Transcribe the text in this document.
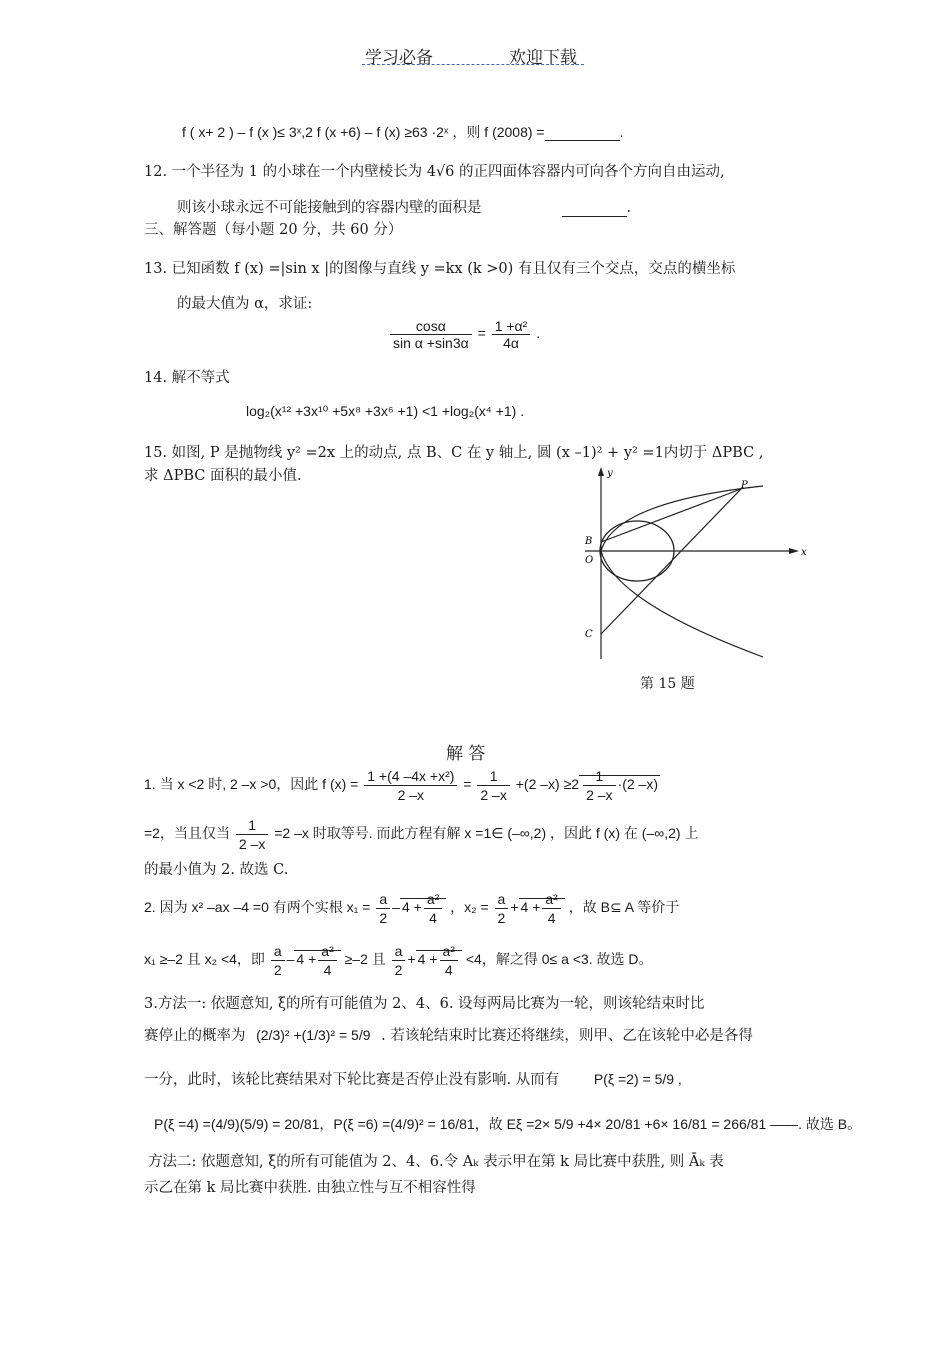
学习必备	欢迎下载
f ( x+ 2 ) – f (x )≤ 3ˣ,2 f (x +6) – f (x) ≥63 ·2ˣ ，则 f (2008) =	.
12. 一个半径为 1 的小球在一个内壁棱长为 4√6 的正四面体容器内可向各个方向自由运动,
则该小球永远不可能接触到的容器内壁的面积是	.
三、解答题（每小题 20 分，共 60 分）
13. 已知函数 f (x) =|sin x |的图像与直线 y =kx (k >0) 有且仅有三个交点，交点的横坐标
的最大值为 α，求证:
$\frac{\cos\alpha}{\text{sin α +sin3α}} = \frac{\text{1 +α²}}{4\alpha}$ .
14. 解不等式
log₂(x¹² +3x¹⁰ +5x⁸ +3x⁶ +1) <1 +log₂(x⁴ +1) .
15. 如图, P 是抛物线 y² =2x 上的动点, 点 B、C 在 y 轴上, 圆 (x –1)² + y² =1内切于 ΔPBC ,
求 ΔPBC 面积的最小值.	y
x
P
B
O
C
第 15 题
解 答
1. 当 x <2 时, 2 –x >0，因此 f $(x) = \frac{\text{1 +(4 –4x +x²)}}{2 -x} = \frac{1}{2 -x} +(2$ $-x) \ge 2 \frac{1}{2 -x} \cdot(2$ –x)
=2，当且仅当 $\frac{1}{2 -x} =2$ –x 时取等号. 而此方程有解 x =1∈ (–∞,2) ，因此 f (x) 在 (–∞,2) 上
的最小值为 2. 故选 C.
2. 因为 x² –ax –4 =0 有两个实根 $x_1 = \frac{a}{2} - 4 + \frac{\text{a²}}{4}$ ，$x_2 = \frac{a}{2} + 4 + \frac{\text{a²}}{4}$ ，故 B⊆ A 等价于
x₁ ≥–2 且 x₂ <4，即 $\frac{a}{2} - 4 + \frac{\text{a²}}{4} \ge-2$ 且 $\frac{a}{2} + 4 + \frac{\text{a²}}{4} <4$，解之得 0≤ a <3. 故选 D。
3.方法一: 依题意知, ξ的所有可能值为 2、4、6. 设每两局比赛为一轮，则该轮结束时比
赛停止的概率为 (2/3)² +(1/3)² = 5/9 . 若该轮结束时比赛还将继续，则甲、乙在该轮中必是各得
一分，此时，该轮比赛结果对下轮比赛是否停止没有影响. 从而有 P(ξ =2) = 5/9 ,
P(ξ =4) =(4/9)(5/9) = 20/81，P(ξ =6) =(4/9)² = 16/81，故 Eξ =2× 5/9 +4× 20/81 +6× 16/81 = 266/81 ——. 故选 B。
方法二: 依题意知, ξ的所有可能值为 2、4、6.令 Aₖ 表示甲在第 k 局比赛中获胜, 则 Āₖ 表
示乙在第 k 局比赛中获胜. 由独立性与互不相容性得
